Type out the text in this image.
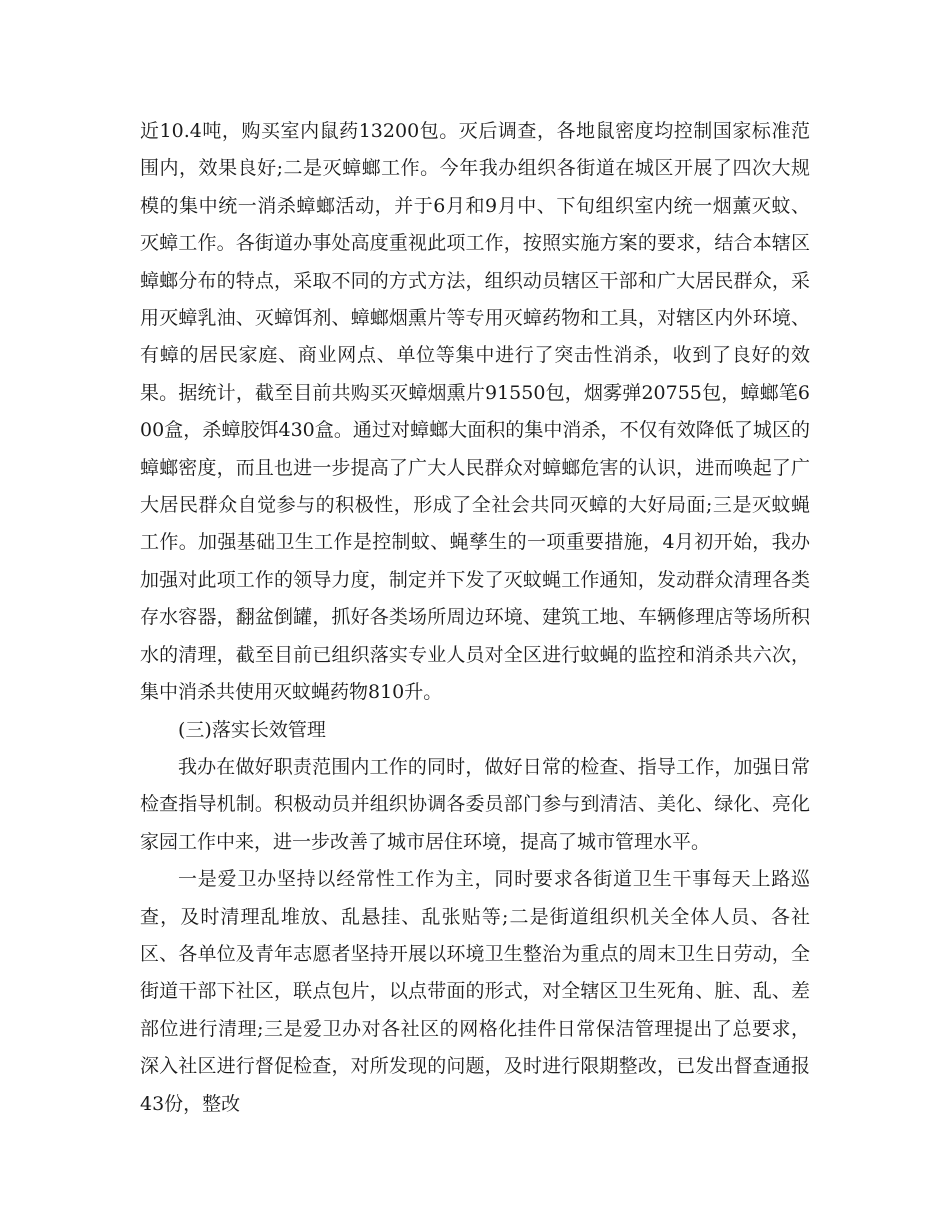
近10.4吨，购买室内鼠药13200包。灭后调查，各地鼠密度均控制国家标准范围内，效果良好;二是灭蟑螂工作。今年我办组织各街道在城区开展了四次大规模的集中统一消杀蟑螂活动，并于6月和9月中、下旬组织室内统一烟薰灭蚊、灭蟑工作。各街道办事处高度重视此项工作，按照实施方案的要求，结合本辖区蟑螂分布的特点，采取不同的方式方法，组织动员辖区干部和广大居民群众，采用灭蟑乳油、灭蟑饵剂、蟑螂烟熏片等专用灭蟑药物和工具，对辖区内外环境、有蟑的居民家庭、商业网点、单位等集中进行了突击性消杀，收到了良好的效果。据统计，截至目前共购买灭蟑烟熏片91550包，烟雾弹20755包，蟑螂笔600盒，杀蟑胶饵430盒。通过对蟑螂大面积的集中消杀，不仅有效降低了城区的蟑螂密度，而且也进一步提高了广大人民群众对蟑螂危害的认识，进而唤起了广大居民群众自觉参与的积极性，形成了全社会共同灭蟑的大好局面;三是灭蚊蝇工作。加强基础卫生工作是控制蚊、蝇孳生的一项重要措施，4月初开始，我办加强对此项工作的领导力度，制定并下发了灭蚊蝇工作通知，发动群众清理各类存水容器，翻盆倒罐，抓好各类场所周边环境、建筑工地、车辆修理店等场所积水的清理，截至目前已组织落实专业人员对全区进行蚊蝇的监控和消杀共六次，集中消杀共使用灭蚊蝇药物810升。

(三)落实长效管理

我办在做好职责范围内工作的同时，做好日常的检查、指导工作，加强日常检查指导机制。积极动员并组织协调各委员部门参与到清洁、美化、绿化、亮化家园工作中来，进一步改善了城市居住环境，提高了城市管理水平。

一是爱卫办坚持以经常性工作为主，同时要求各街道卫生干事每天上路巡查，及时清理乱堆放、乱悬挂、乱张贴等;二是街道组织机关全体人员、各社区、各单位及青年志愿者坚持开展以环境卫生整治为重点的周末卫生日劳动，全街道干部下社区，联点包片，以点带面的形式，对全辖区卫生死角、脏、乱、差部位进行清理;三是爱卫办对各社区的网格化挂件日常保洁管理提出了总要求，深入社区进行督促检查，对所发现的问题，及时进行限期整改，已发出督查通报43份，整改
